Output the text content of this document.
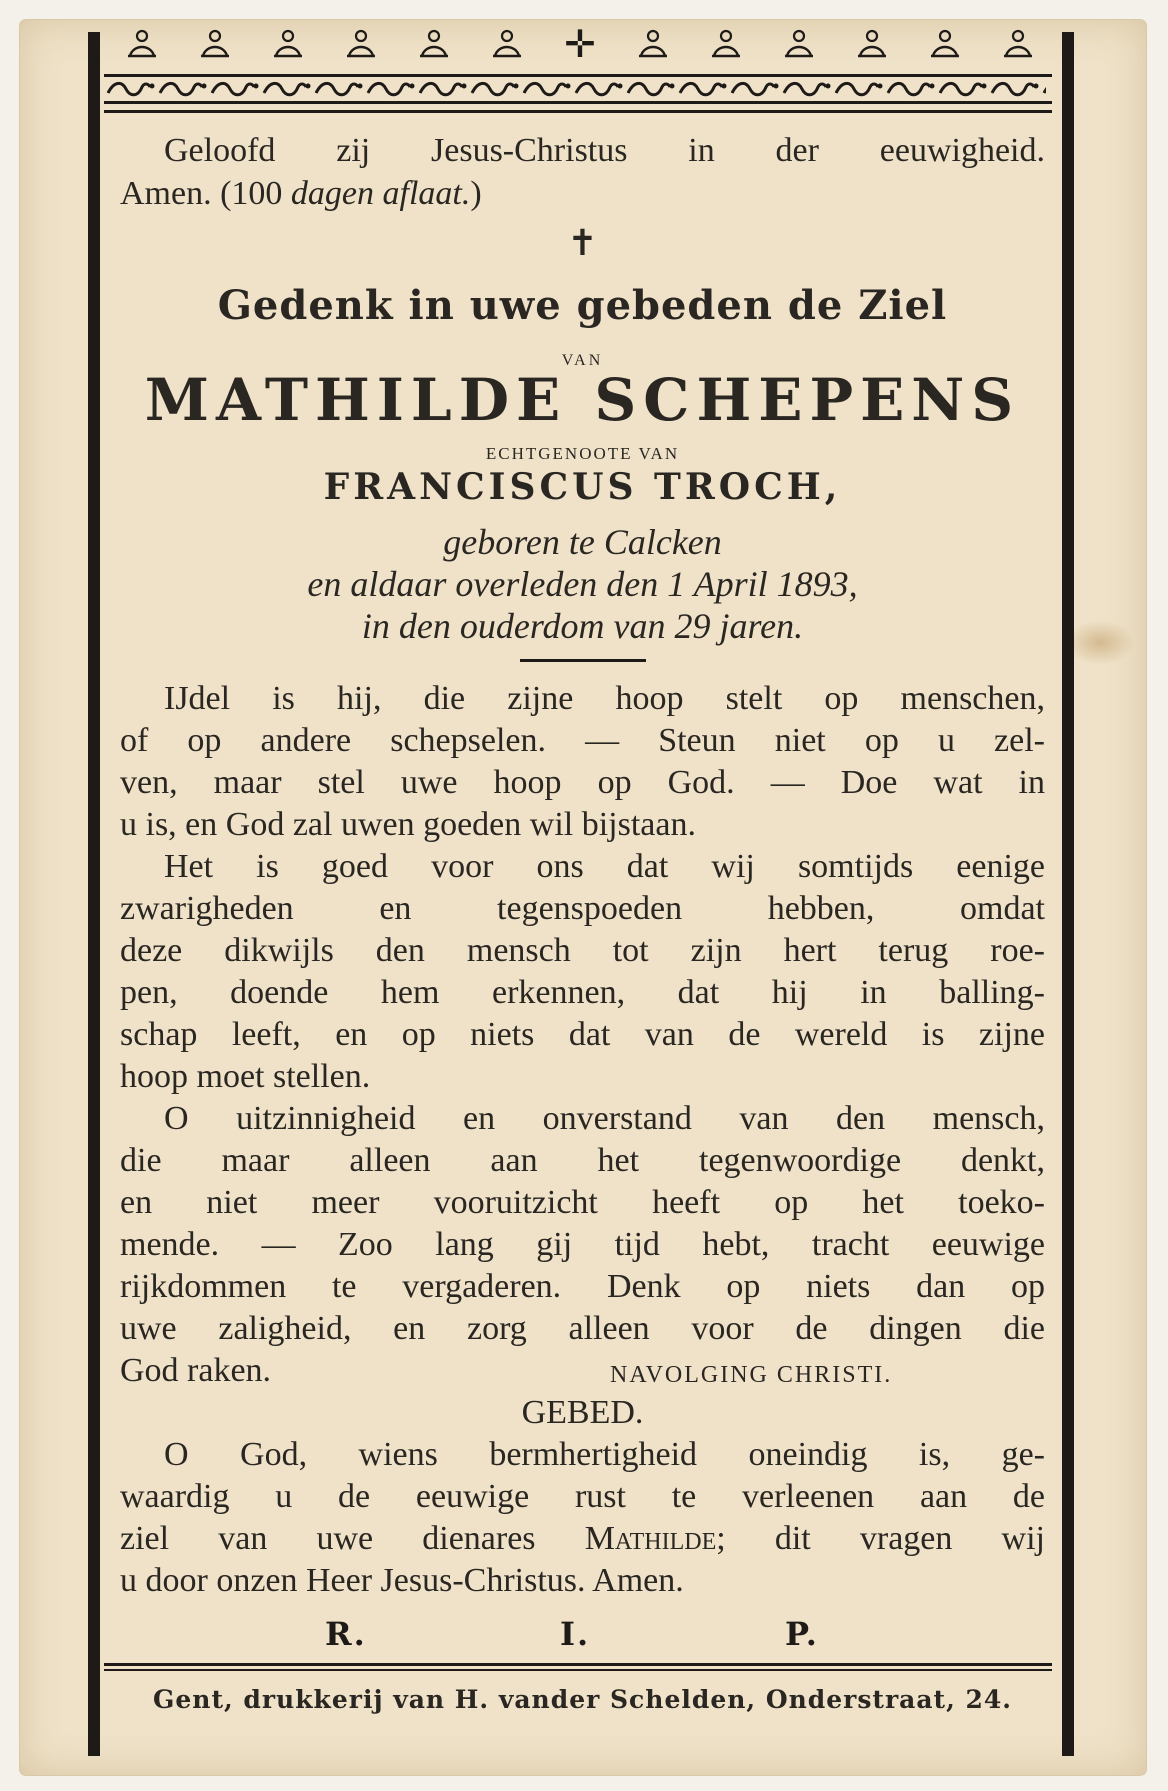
✛
Geloofd zij Jesus-Christus in der eeuwigheid.
Amen. (100 dagen aflaat.)
✝
Gedenk in uwe gebeden de Ziel
VAN
MATHILDE SCHEPENS
ECHTGENOOTE VAN
FRANCISCUS TROCH,
geboren te Calcken
en aldaar overleden den 1 April 1893,
in den ouderdom van 29 jaren.
IJdel is hij, die zijne hoop stelt op menschen,
of op andere schepselen. — Steun niet op u zel-
ven, maar stel uwe hoop op God. — Doe wat in
u is, en God zal uwen goeden wil bijstaan.
Het is goed voor ons dat wij somtijds eenige
zwarigheden en tegenspoeden hebben, omdat
deze dikwijls den mensch tot zijn hert terug roe-
pen, doende hem erkennen, dat hij in balling-
schap leeft, en op niets dat van de wereld is zijne
hoop moet stellen.
O uitzinnigheid en onverstand van den mensch,
die maar alleen aan het tegenwoordige denkt,
en niet meer vooruitzicht heeft op het toeko-
mende. — Zoo lang gij tijd hebt, tracht eeuwige
rijkdommen te vergaderen. Denk op niets dan op
uwe zaligheid, en zorg alleen voor de dingen die
God raken.	NAVOLGING CHRISTI.
GEBED.
O God, wiens bermhertigheid oneindig is, ge-
waardig u de eeuwige rust te verleenen aan de
ziel van uwe dienares Mathilde; dit vragen wij
u door onzen Heer Jesus-Christus. Amen.
R.	I.	P.
Gent, drukkerij van H. vander Schelden, Onderstraat, 24.
